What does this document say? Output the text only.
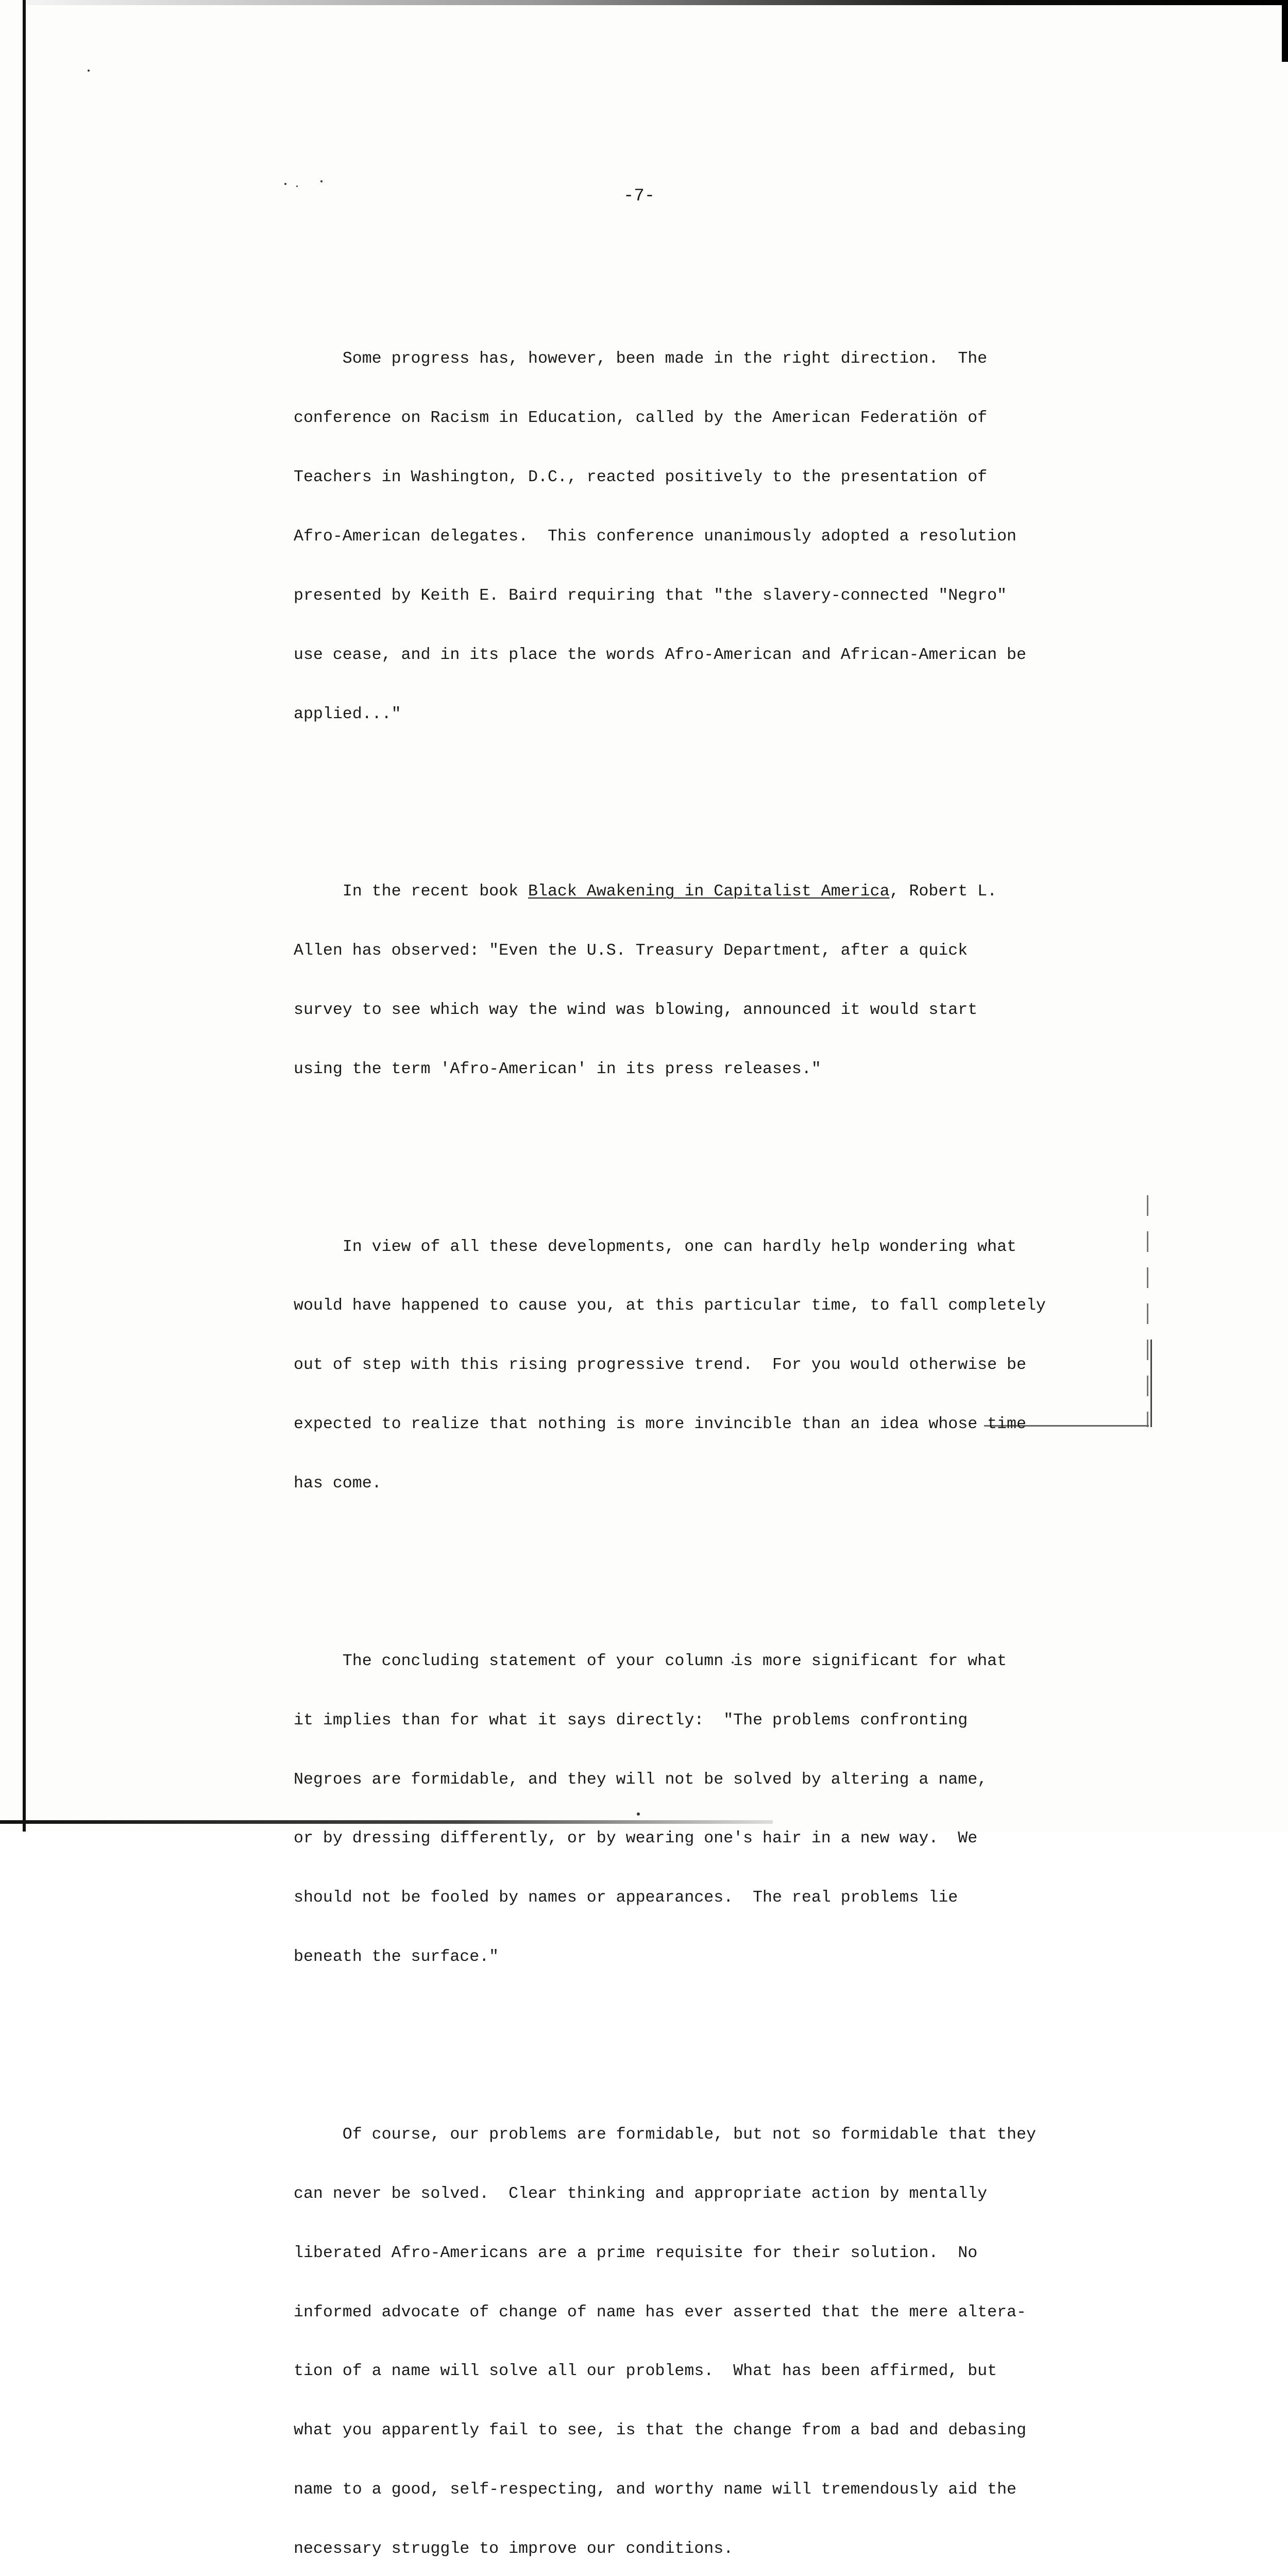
-7-

Some progress has, however, been made in the right direction.  The

conference on Racism in Education, called by the American Federatiön of

Teachers in Washington, D.C., reacted positively to the presentation of

Afro-American delegates.  This conference unanimously adopted a resolution

presented by Keith E. Baird requiring that "the slavery-connected "Negro"

use cease, and in its place the words Afro-American and African-American be

applied..."

In the recent book Black Awakening in Capitalist America, Robert L.

Allen has observed: "Even the U.S. Treasury Department, after a quick

survey to see which way the wind was blowing, announced it would start

using the term 'Afro-American' in its press releases."

In view of all these developments, one can hardly help wondering what

would have happened to cause you, at this particular time, to fall completely

out of step with this rising progressive trend.  For you would otherwise be

expected to realize that nothing is more invincible than an idea whose time

has come.

The concluding statement of your column is more significant for what

it implies than for what it says directly:  "The problems confronting

Negroes are formidable, and they will not be solved by altering a name,

or by dressing differently, or by wearing one's hair in a new way.  We

should not be fooled by names or appearances.  The real problems lie

beneath the surface."

Of course, our problems are formidable, but not so formidable that they

can never be solved.  Clear thinking and appropriate action by mentally

liberated Afro-Americans are a prime requisite for their solution.  No

informed advocate of change of name has ever asserted that the mere altera-

tion of a name will solve all our problems.  What has been affirmed, but

what you apparently fail to see, is that the change from a bad and debasing

name to a good, self-respecting, and worthy name will tremendously aid the

necessary struggle to improve our conditions.
